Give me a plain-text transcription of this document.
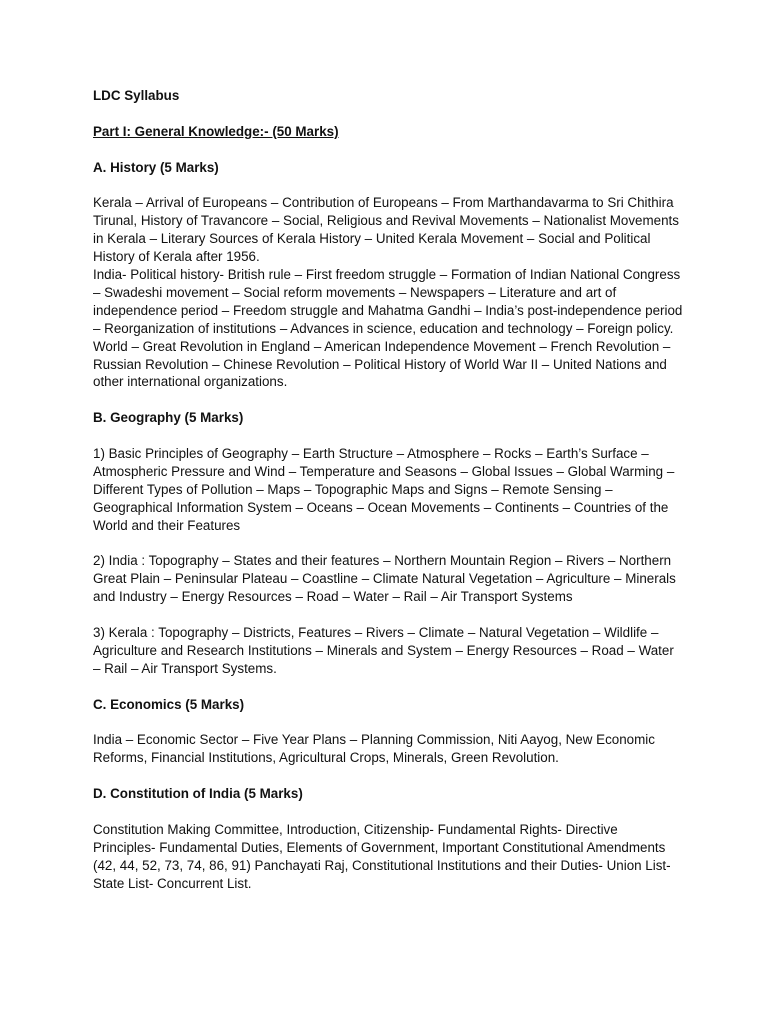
LDC Syllabus

Part I: General Knowledge:- (50 Marks)

A. History (5 Marks)

Kerala – Arrival of Europeans – Contribution of Europeans – From Marthandavarma to Sri Chithira Tirunal, History of Travancore – Social, Religious and Revival Movements – Nationalist Movements in Kerala – Literary Sources of Kerala History – United Kerala Movement – Social and Political History of Kerala after 1956.

India- Political history- British rule – First freedom struggle – Formation of Indian National Congress – Swadeshi movement – Social reform movements – Newspapers – Literature and art of independence period – Freedom struggle and Mahatma Gandhi – India’s post-independence period – Reorganization of institutions – Advances in science, education and technology – Foreign policy.

World – Great Revolution in England – American Independence Movement – French Revolution – Russian Revolution – Chinese Revolution – Political History of World War II – United Nations and other international organizations.

B. Geography (5 Marks)

1) Basic Principles of Geography – Earth Structure – Atmosphere – Rocks – Earth’s Surface – Atmospheric Pressure and Wind – Temperature and Seasons – Global Issues – Global Warming – Different Types of Pollution – Maps – Topographic Maps and Signs – Remote Sensing – Geographical Information System – Oceans – Ocean Movements – Continents – Countries of the World and their Features

2) India : Topography – States and their features – Northern Mountain Region – Rivers – Northern Great Plain – Peninsular Plateau – Coastline – Climate Natural Vegetation – Agriculture – Minerals and Industry – Energy Resources – Road – Water – Rail – Air Transport Systems

3) Kerala : Topography – Districts, Features – Rivers – Climate – Natural Vegetation – Wildlife – Agriculture and Research Institutions – Minerals and System – Energy Resources – Road – Water – Rail – Air Transport Systems.

C. Economics (5 Marks)

India – Economic Sector – Five Year Plans – Planning Commission, Niti Aayog, New Economic Reforms, Financial Institutions, Agricultural Crops, Minerals, Green Revolution.

D. Constitution of India (5 Marks)

Constitution Making Committee, Introduction, Citizenship- Fundamental Rights- Directive Principles- Fundamental Duties, Elements of Government, Important Constitutional Amendments (42, 44, 52, 73, 74, 86, 91) Panchayati Raj, Constitutional Institutions and their Duties- Union List- State List- Concurrent List.
